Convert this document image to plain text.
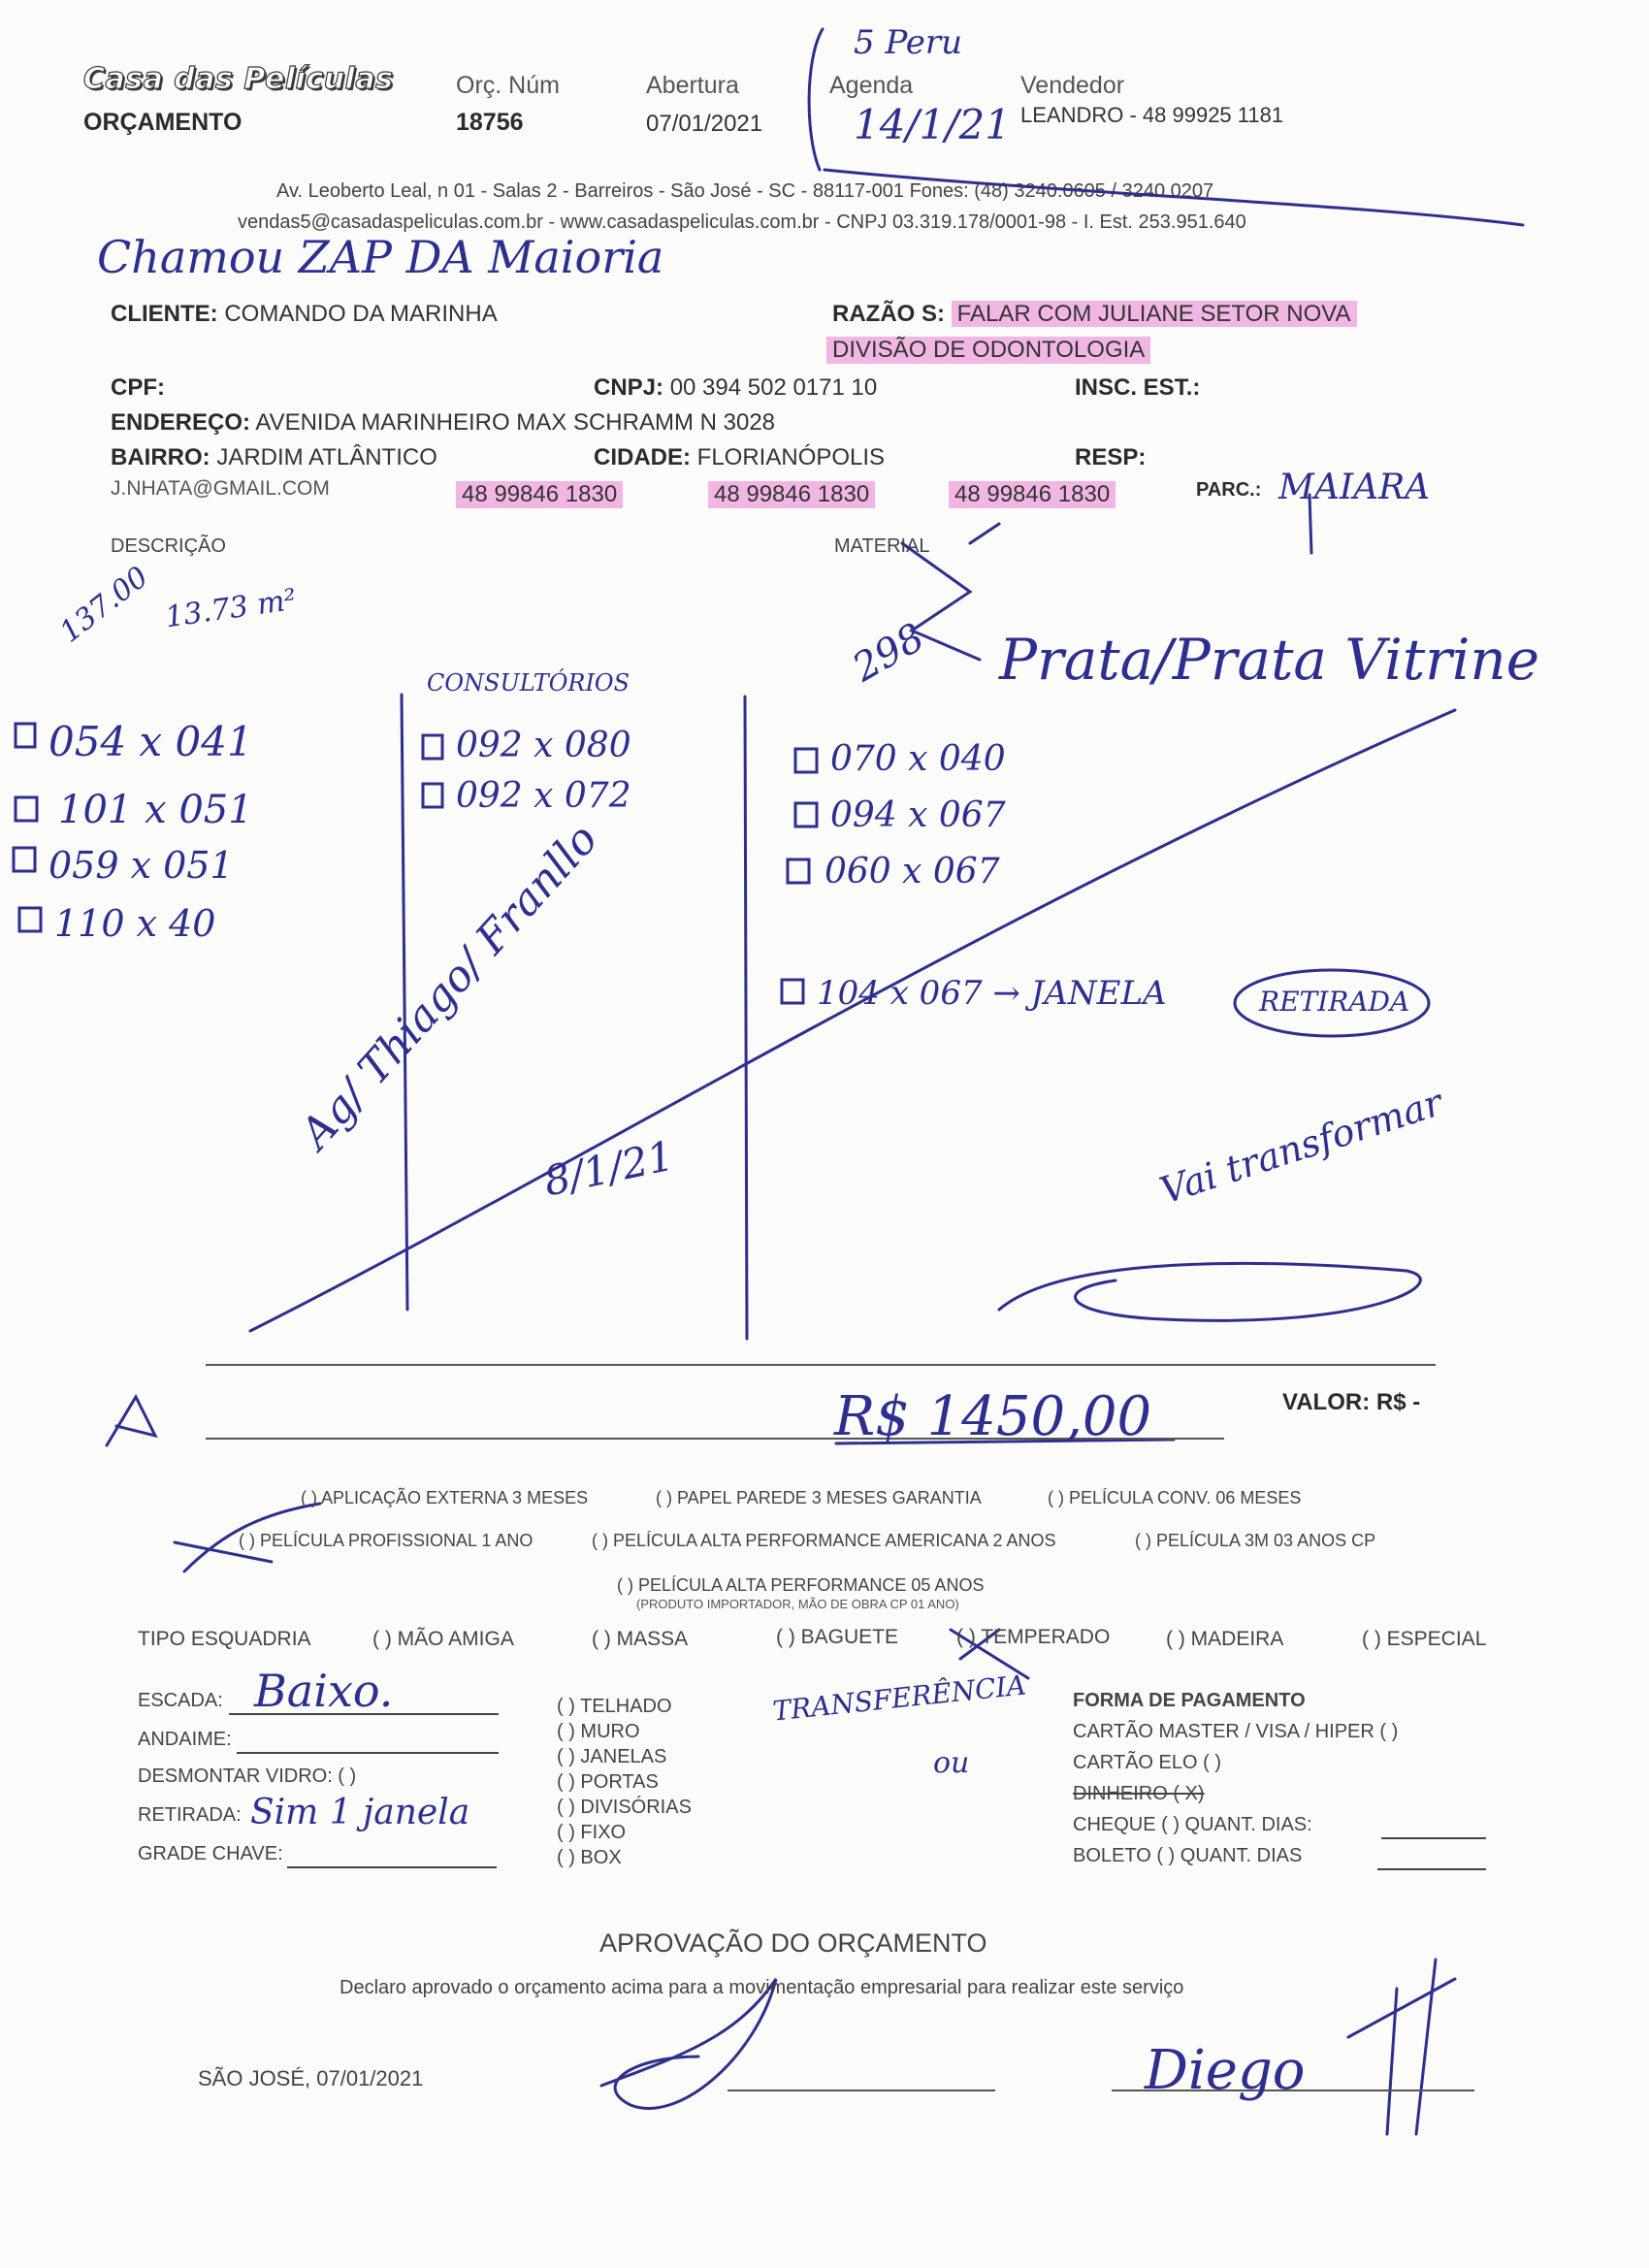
Casa das Películas
ORÇAMENTO
Orç. Núm
18756
Abertura
07/01/2021
Agenda	Vendedor
LEANDRO - 48 99925 1181
Av. Leoberto Leal, n 01 - Salas 2 - Barreiros - São José - SC - 88117-001 Fones: (48) 3240.0605 / 3240.0207
vendas5@casadaspeliculas.com.br - www.casadaspeliculas.com.br - CNPJ 03.319.178/0001-98 - I. Est. 253.951.640
CLIENTE: COMANDO DA MARINHA	RAZÃO S: FALAR COM JULIANE SETOR NOVA
DIVISÃO DE ODONTOLOGIA
CPF:	CNPJ: 00 394 502 0171 10	INSC. EST.:
ENDEREÇO: AVENIDA MARINHEIRO MAX SCHRAMM N 3028
BAIRRO: JARDIM ATLÂNTICO	CIDADE: FLORIANÓPOLIS	RESP:
J.NHATA@GMAIL.COM	48 99846 1830	48 99846 1830	48 99846 1830	PARC.:
DESCRIÇÃO	MATERIAL
5 Peru
14/1/21
Chamou ZAP DA Maioria
MAIARA
137.00 13.73 m²
CONSULTÓRIOS	298 Prata/Prata Vitrine
054 x 041
101 x 051
059 x 051
110 x 40
092 x 080
092 x 072
070 x 040
094 x 067
060 x 067
104 x 067 → JANELA	RETIRADA
Ag/ Thiago/ Franllo
8/1/21	Vai transformar
R$ 1450,00	VALOR: R$ -
( ) APLICAÇÃO EXTERNA 3 MESES	( ) PAPEL PAREDE 3 MESES GARANTIA	( ) PELÍCULA CONV. 06 MESES
( ) PELÍCULA PROFISSIONAL 1 ANO	( ) PELÍCULA ALTA PERFORMANCE AMERICANA 2 ANOS	( ) PELÍCULA 3M 03 ANOS CP
( ) PELÍCULA ALTA PERFORMANCE 05 ANOS
(PRODUTO IMPORTADOR, MÃO DE OBRA CP 01 ANO)
TIPO ESQUADRIA	( ) MÃO AMIGA	( ) MASSA	( ) BAGUETE	( ) TEMPERADO	( ) MADEIRA	( ) ESPECIAL
ESCADA: Baixo.
ANDAIME:
DESMONTAR VIDRO: ( )
RETIRADA: Sim 1 janela
GRADE CHAVE:
( ) TELHADO
( ) MURO
( ) JANELAS
( ) PORTAS
( ) DIVISÓRIAS
( ) FIXO
( ) BOX
TRANSFERÊNCIA
ou
FORMA DE PAGAMENTO
CARTÃO MASTER / VISA / HIPER ( )
CARTÃO ELO ( )
DINHEIRO ( X)
CHEQUE ( ) QUANT. DIAS:
BOLETO ( ) QUANT. DIAS
APROVAÇÃO DO ORÇAMENTO
Declaro aprovado o orçamento acima para a movimentação empresarial para realizar este serviço
SÃO JOSÉ, 07/01/2021	Diego
